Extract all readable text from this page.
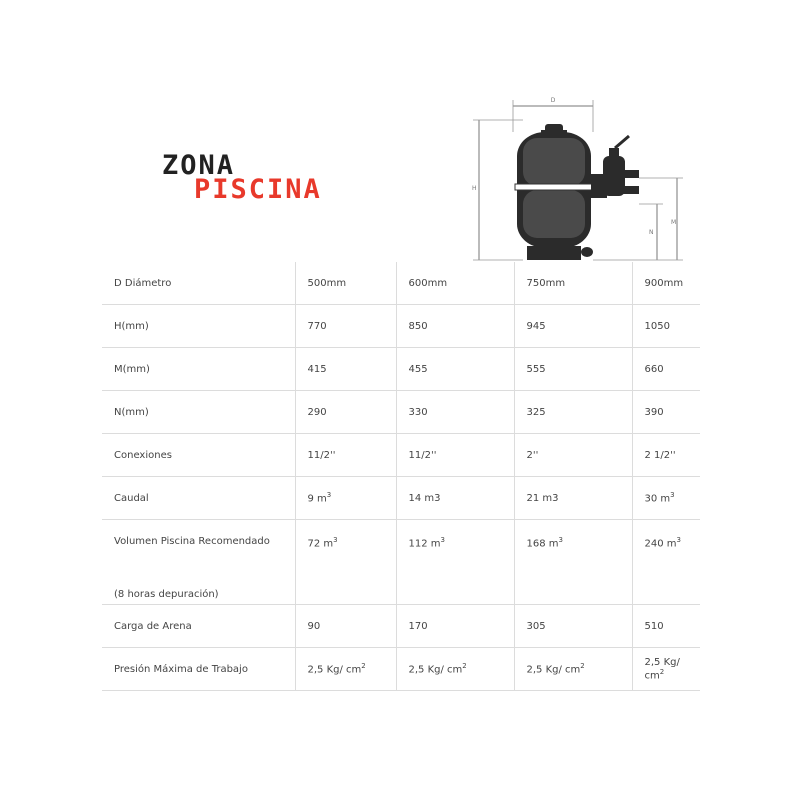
ZONA
PISCINA
D
H
M
N
D Diámetro	500mm	600mm	750mm	900mm
H(mm)	770	850	945	1050
M(mm)	415	455	555	660
N(mm)	290	330	325	390
Conexiones	11/2''	11/2''	2''	2 1/2''
Caudal	9 $m^3$	14 m3	21 m3	30 $m^3$

Volumen Piscina Recomendado
(8 horas depuración)	72 $m^3$	112 $m^3$	168 $m^3$	240 $m^3$

Carga de Arena	90	170	305	510
Presión Máxima de Trabajo	2,5 Kg/ $cm^2$	2,5 Kg/ $cm^2$	2,5 Kg/ $cm^2$	2,5 Kg/ $cm^2$
